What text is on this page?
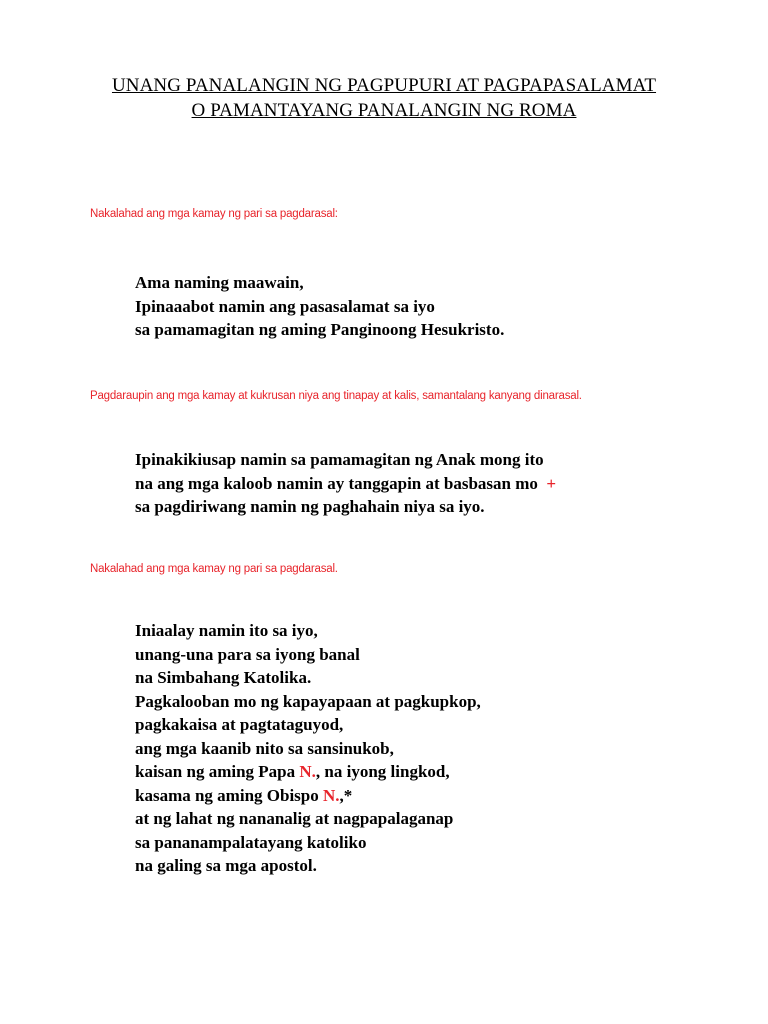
UNANG PANALANGIN NG PAGPUPURI AT PAGPAPASALAMAT
O PAMANTAYANG PANALANGIN NG ROMA
Nakalahad ang mga kamay ng pari sa pagdarasal:
Ama naming maawain,
Ipinaaabot namin ang pasasalamat sa iyo
sa pamamagitan ng aming Panginoong Hesukristo.
Pagdaraupin ang mga kamay at kukrusan niya ang tinapay at kalis, samantalang kanyang dinarasal.
Ipinakikiusap namin sa pamamagitan ng Anak mong ito
na ang mga kaloob namin ay tanggapin at basbasan mo +
sa pagdiriwang namin ng paghahain niya sa iyo.
Nakalahad ang mga kamay ng pari sa pagdarasal.
Iniaalay namin ito sa iyo,
unang-una para sa iyong banal
na Simbahang Katolika.
Pagkalooban mo ng kapayapaan at pagkupkop,
pagkakaisa at pagtataguyod,
ang mga kaanib nito sa sansinukob,
kaisan ng aming Papa N., na iyong lingkod,
kasama ng aming Obispo N.,*
at ng lahat ng nananalig at nagpapalaganap
sa pananampalatayang katoliko
na galing sa mga apostol.
